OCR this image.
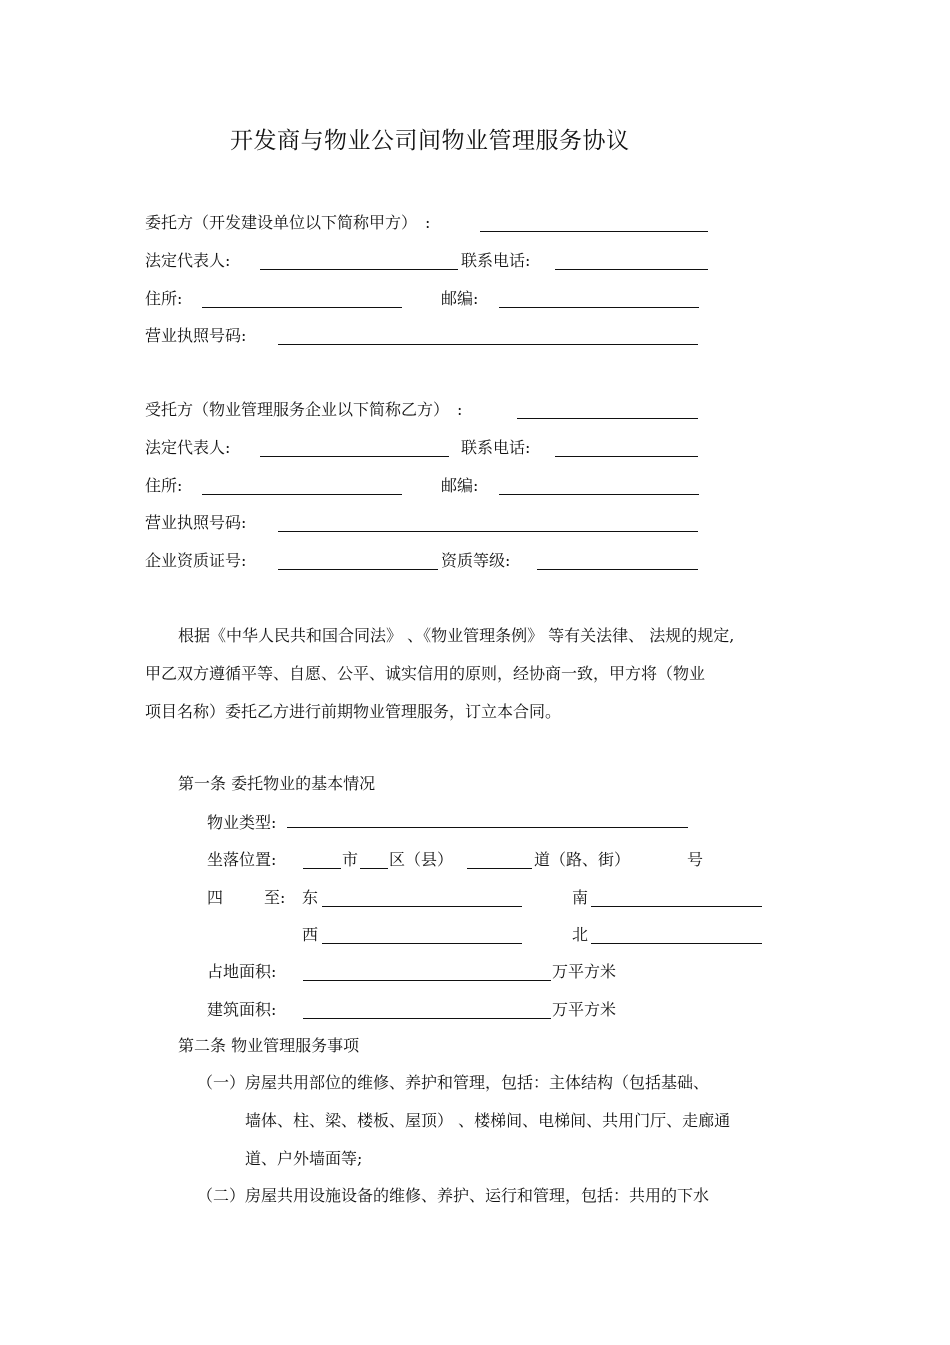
开发商与物业公司间物业管理服务协议
委托方（开发建设单位以下简称甲方）　:
法定代表人:	联系电话:
住所:	邮编:
营业执照号码:
受托方（物业管理服务企业以下简称乙方）　:
法定代表人:	联系电话:
住所:	邮编:
营业执照号码:
企业资质证号:	资质等级:
根据《中华人民共和国合同法》 、《物业管理条例》 等有关法律、 法规的规定,
甲乙双方遵循平等、自愿、公平、诚实信用的原则，经协商一致，甲方将（物业
项目名称）委托乙方进行前期物业管理服务，订立本合同。
第一条 委托物业的基本情况
物业类型:
坐落位置:	市 区（县）	道（路、街）	号
四	至: 东	南
西	北
占地面积:	万平方米
建筑面积:	万平方米
第二条 物业管理服务事项
（一）房屋共用部位的维修、养护和管理，包括：主体结构（包括基础、
墙体、柱、梁、楼板、屋顶） 、楼梯间、电梯间、共用门厅、走廊通
道、户外墙面等;
（二）房屋共用设施设备的维修、养护、运行和管理，包括：共用的下水
